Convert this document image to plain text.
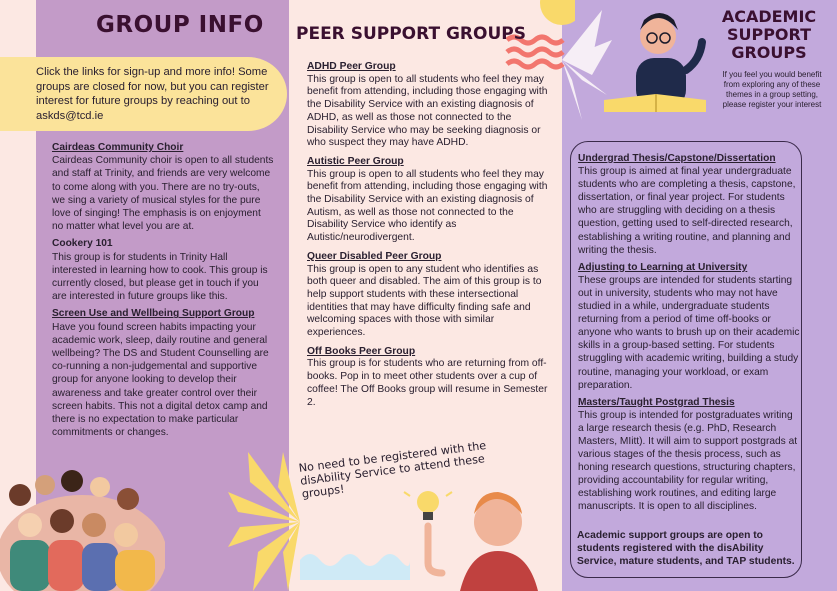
GROUP INFO
Click the links for sign-up and more info! Some groups are closed for now, but you can register interest for future groups by reaching out to askds@tcd.ie
Cairdeas Community Choir
Cairdeas Community choir is open to all students and staff at Trinity, and friends are very welcome to come along with you. There are no try-outs, we sing a variety of musical styles for the pure love of singing! The emphasis is on enjoyment no matter what level you are at.
Cookery 101
This group is for students in Trinity Hall interested in learning how to cook. This group is currently closed, but please get in touch if you are interested in future groups like this.
Screen Use and Wellbeing Support Group
Have you found screen habits impacting your academic work, sleep, daily routine and general wellbeing? The DS and Student Counselling are co-running a non-judgemental and supportive group for anyone looking to develop their awareness and take greater control over their screen habits. This not a digital detox camp and there is no expectation to make particular commitments or changes.
PEER SUPPORT GROUPS
ADHD Peer Group
This group is open to all students who feel they may benefit from attending, including those engaging with the Disability Service with an existing diagnosis of ADHD, as well as those not connected to the Disability Service who may be seeking diagnosis or who suspect they may have ADHD.
Autistic Peer Group
This group is open to all students who feel they may benefit from attending, including those engaging with the Disability Service with an existing diagnosis of Autism, as well as those not connected to the Disability Service who identify as Autistic/neurodivergent.
Queer Disabled Peer Group
This group is open to any student who identifies as both queer and disabled. The aim of this group is to help support students with these intersectional identities that may have difficulty finding safe and welcoming spaces with those with similar experiences.
Off Books Peer Group
This group is for students who are returning from off-books. Pop in to meet other students over a cup of coffee! The Off Books group will resume in Semester 2.
No need to be registered with the disAbility Service to attend these groups!
ACADEMIC SUPPORT GROUPS
If you feel you would benefit from exploring any of these themes in a group setting, please register your interest
Undergrad Thesis/Capstone/Dissertation
This group is aimed at final year undergraduate students who are completing a thesis, capstone, dissertation, or final year project. For students who are struggling with deciding on a thesis question, getting used to self-directed research, establishing a writing routine, and planning and writing the thesis.
Adjusting to Learning at University
These groups are intended for students starting out in university, students who may not have studied in a while, undergraduate students returning from a period of time off-books or anyone who wants to brush up on their academic skills in a group-based setting. For students struggling with academic writing, building a study routine, managing your workload, or exam preparation.
Masters/Taught Postgrad Thesis
This group is intended for postgraduates writing a large research thesis (e.g. PhD, Research Masters, MIitt). It will aim to support postgrads at various stages of the thesis process, such as honing research questions, structuring chapters, providing accountability for regular writing, establishing work routines, and editing large manuscripts. It is open to all disciplines.
Academic support groups are open to students registered with the disAbility Service, mature students, and TAP students.
